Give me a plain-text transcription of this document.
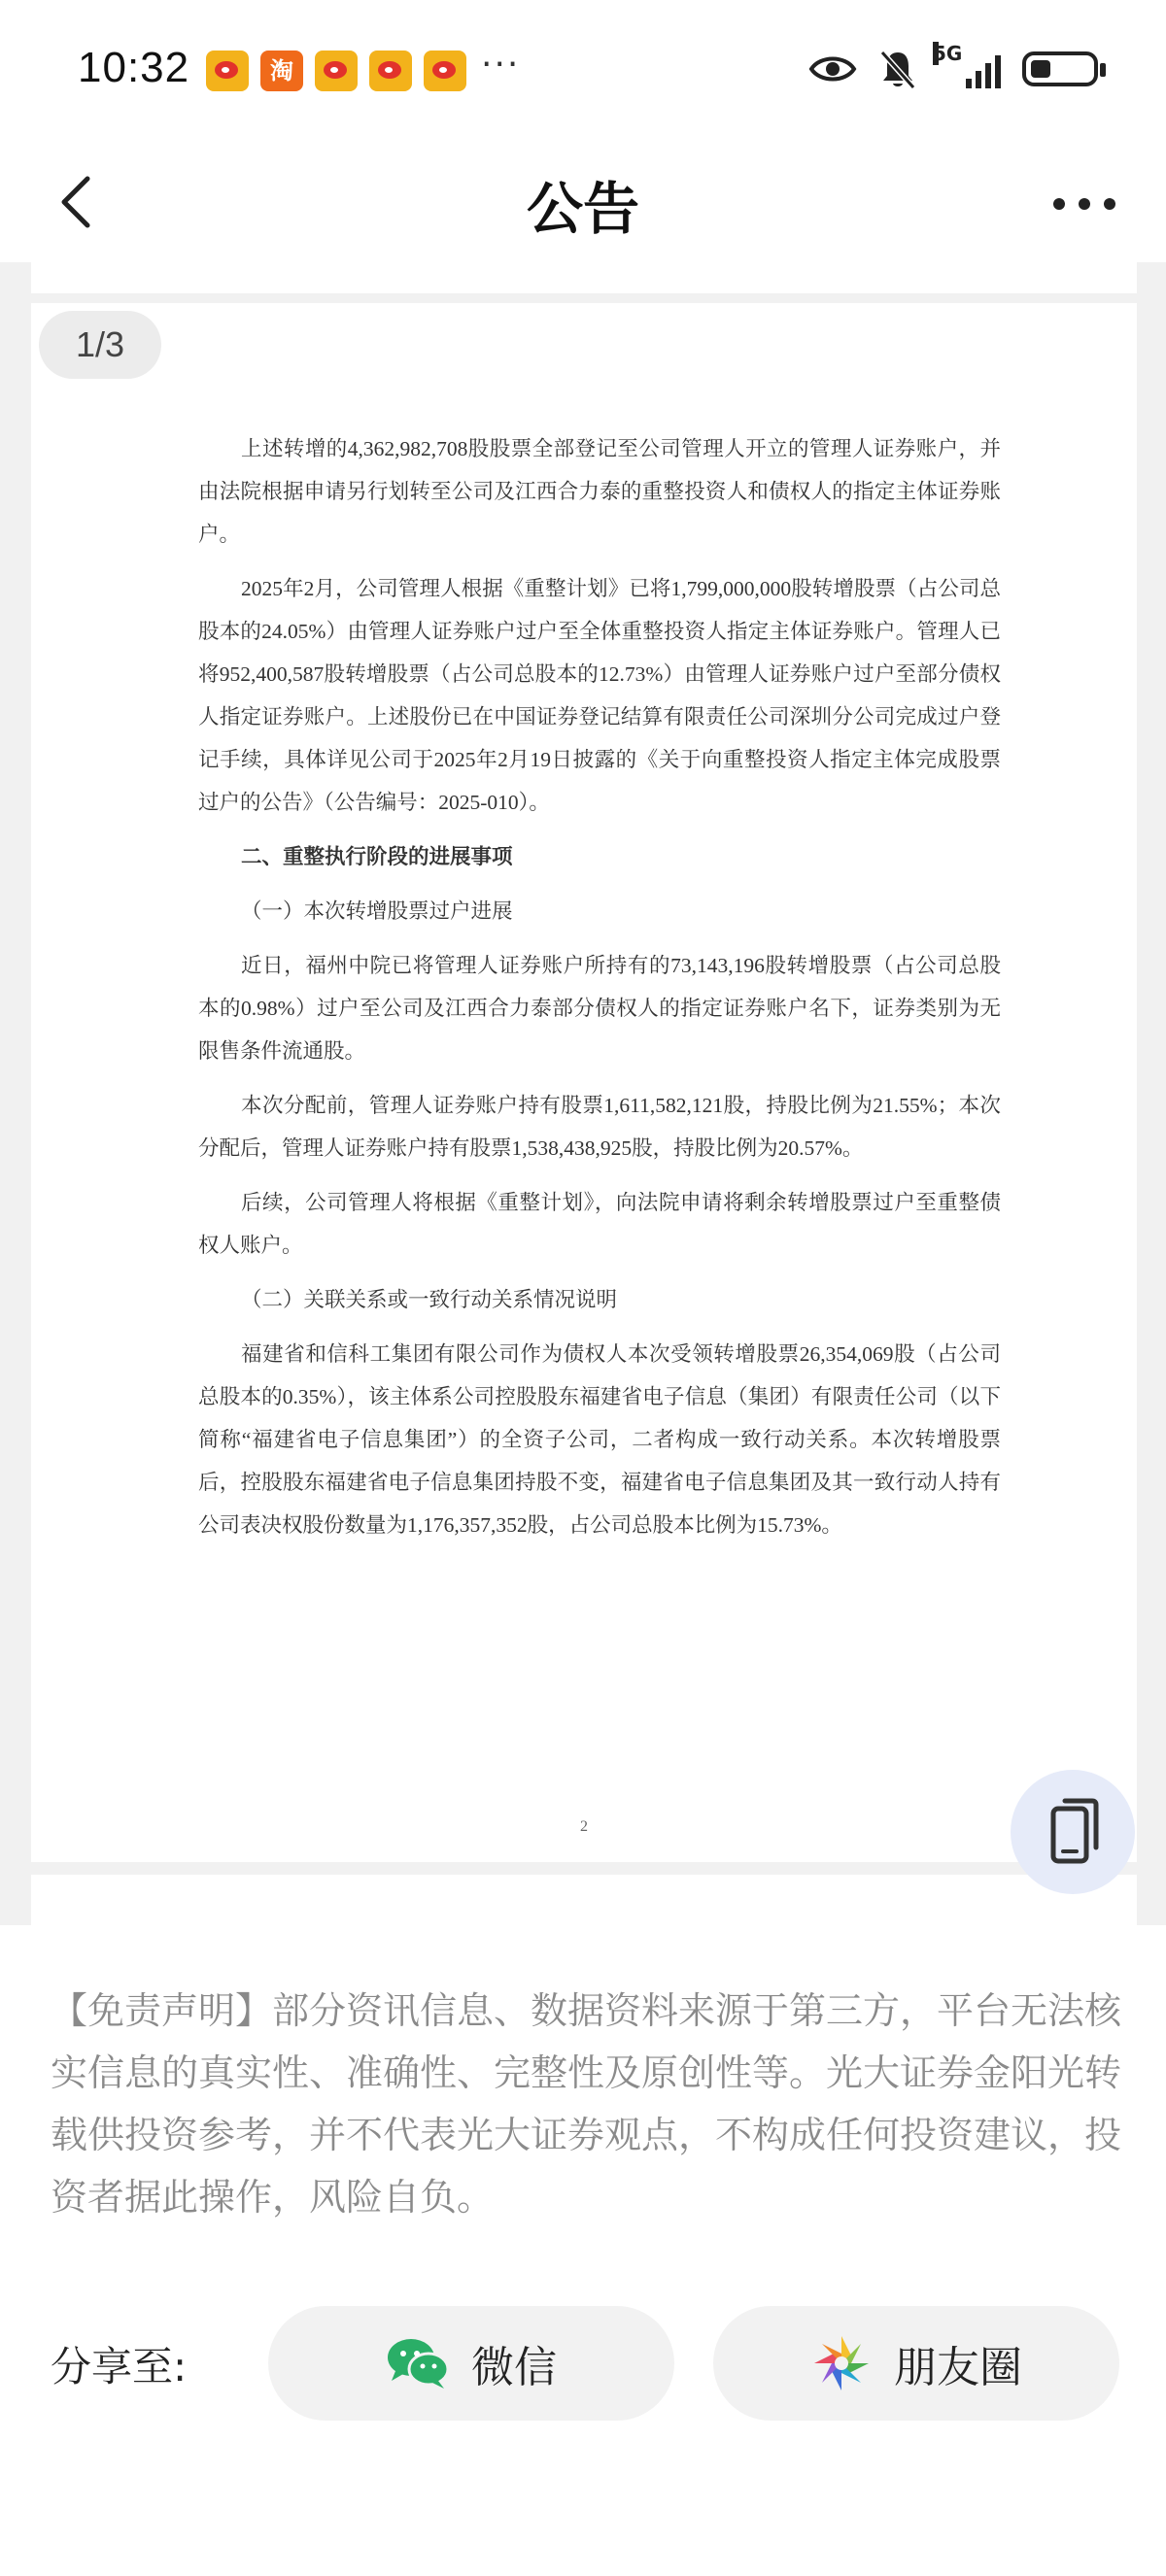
10:32	淘	···	5G
公告

上述转增的4,362,982,708股股票全部登记至公司管理人开立的管理人证券账户，并由法院根据申请另行划转至公司及江西合力泰的重整投资人和债权人的指定主体证券账户。

2025年2月，公司管理人根据《重整计划》已将1,799,000,000股转增股票（占公司总股本的24.05%）由管理人证券账户过户至全体重整投资人指定主体证券账户。管理人已将952,400,587股转增股票（占公司总股本的12.73%）由管理人证券账户过户至部分债权人指定证券账户。上述股份已在中国证券登记结算有限责任公司深圳分公司完成过户登记手续，具体详见公司于2025年2月19日披露的《关于向重整投资人指定主体完成股票过户的公告》（公告编号：2025-010）。

二、重整执行阶段的进展事项

（一）本次转增股票过户进展

近日，福州中院已将管理人证券账户所持有的73,143,196股转增股票（占公司总股本的0.98%）过户至公司及江西合力泰部分债权人的指定证券账户名下，证券类别为无限售条件流通股。

本次分配前，管理人证券账户持有股票1,611,582,121股，持股比例为21.55%；本次分配后，管理人证券账户持有股票1,538,438,925股，持股比例为20.57%。

后续，公司管理人将根据《重整计划》，向法院申请将剩余转增股票过户至重整债权人账户。

（二）关联关系或一致行动关系情况说明

福建省和信科工集团有限公司作为债权人本次受领转增股票26,354,069股（占公司总股本的0.35%），该主体系公司控股股东福建省电子信息（集团）有限责任公司（以下简称“福建省电子信息集团”）的全资子公司，二者构成一致行动关系。本次转增股票后，控股股东福建省电子信息集团持股不变，福建省电子信息集团及其一致行动人持有公司表决权股份数量为1,176,357,352股，占公司总股本比例为15.73%。

2
1/3
【免责声明】部分资讯信息、数据资料来源于第三方，平台无法核实信息的真实性、准确性、完整性及原创性等。光大证券金阳光转载供投资参考，并不代表光大证券观点，不构成任何投资建议，投资者据此操作，风险自负。
分享至:	微信	朋友圈
